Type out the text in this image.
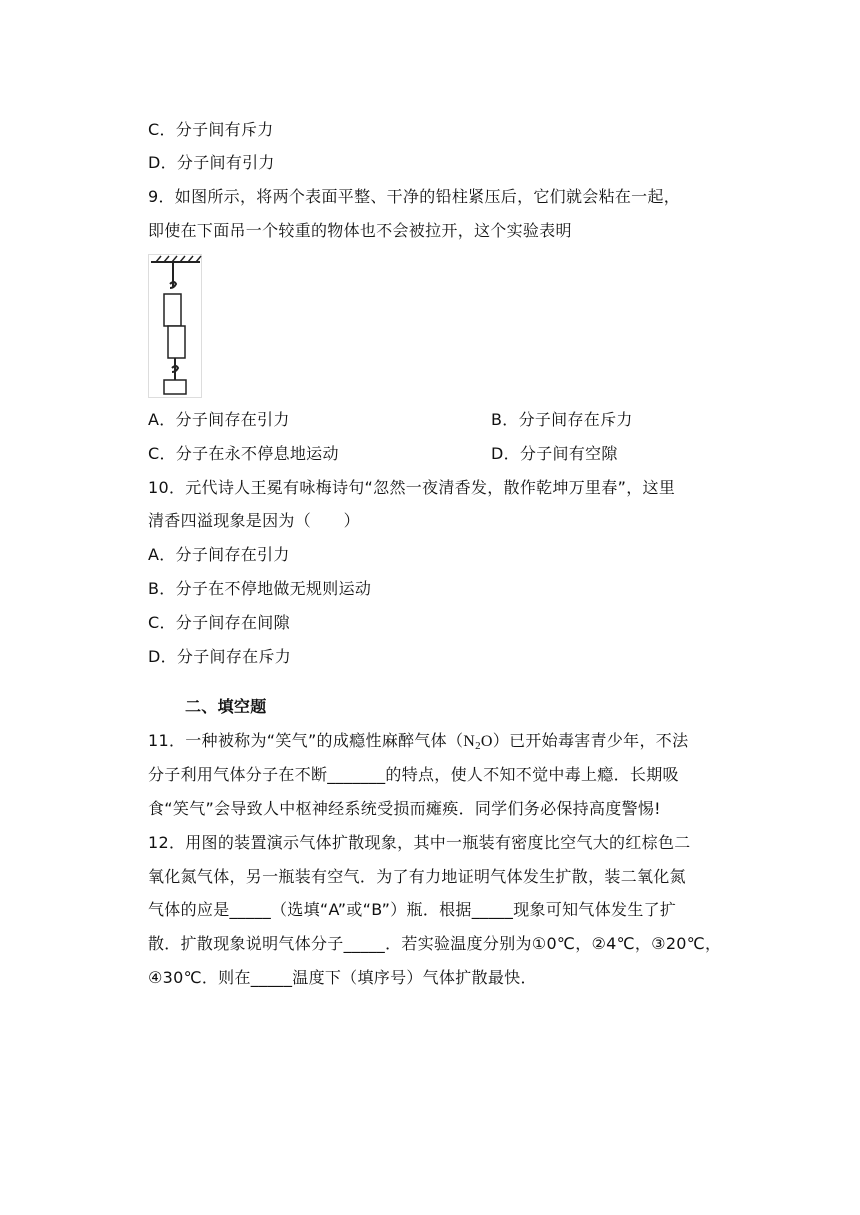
C．分子间有斥力
D．分子间有引力
9．如图所示，将两个表面平整、干净的铅柱紧压后，它们就会粘在一起，
即使在下面吊一个较重的物体也不会被拉开，这个实验表明
A．分子间存在引力	B．分子间存在斥力
C．分子在永不停息地运动	D．分子间有空隙
10．元代诗人王冕有咏梅诗句“忽然一夜清香发，散作乾坤万里春”，这里
清香四溢现象是因为（　　）
A．分子间存在引力
B．分子在不停地做无规则运动
C．分子间存在间隙
D．分子间存在斥力
二、填空题
11．一种被称为“笑气”的成瘾性麻醉气体$(N_2O)$已开始毒害青少年，不法
分子利用气体分子在不断_______的特点，使人不知不觉中毒上瘾．长期吸
食“笑气”会导致人中枢神经系统受损而瘫痪．同学们务必保持高度警惕!
12．用图的装置演示气体扩散现象，其中一瓶装有密度比空气大的红棕色二
氧化氮气体，另一瓶装有空气．为了有力地证明气体发生扩散，装二氧化氮
气体的应是_____（选填“A”或“B”）瓶．根据_____现象可知气体发生了扩
散．扩散现象说明气体分子_____．若实验温度分别为①0℃，②4℃，③20℃，
④30℃．则在_____温度下（填序号）气体扩散最快．
